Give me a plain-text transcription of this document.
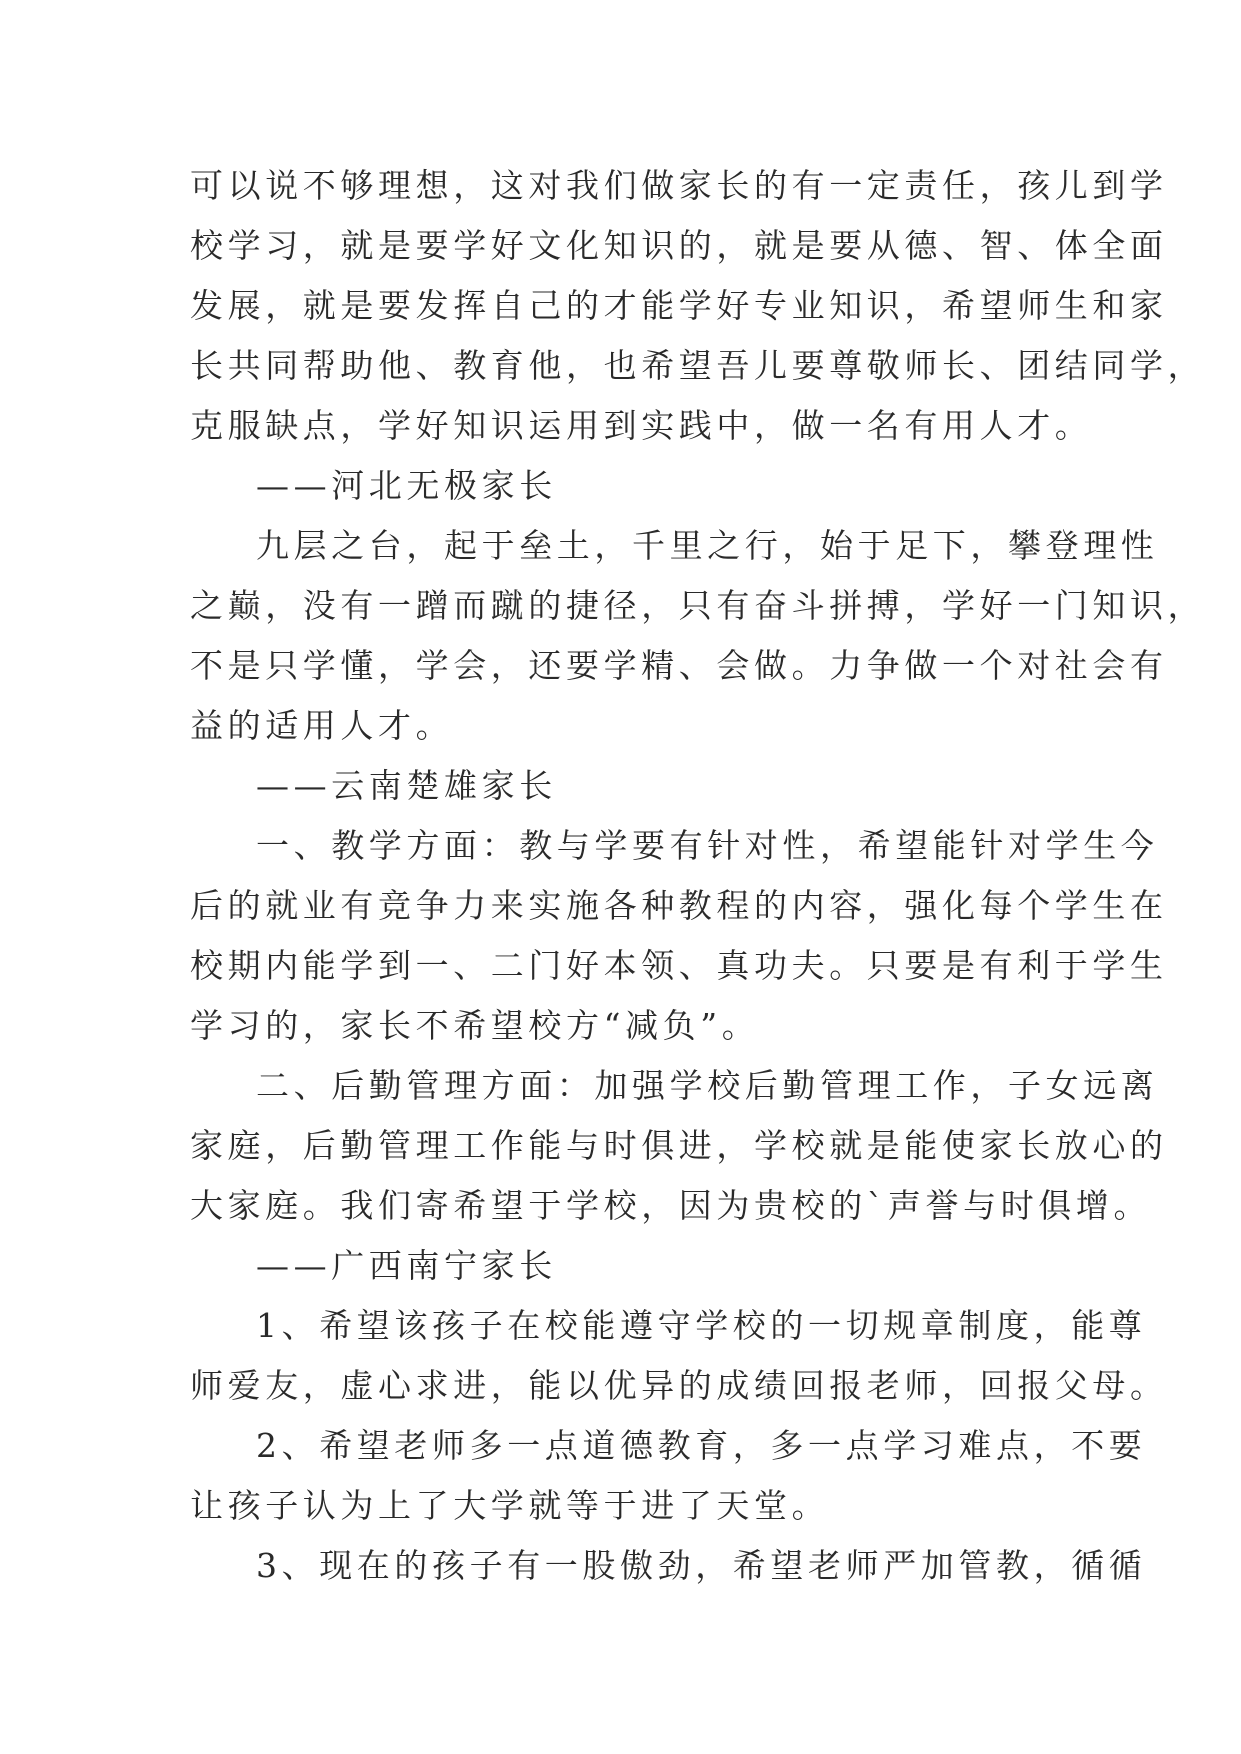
可以说不够理想，这对我们做家长的有一定责任，孩儿到学
校学习，就是要学好文化知识的，就是要从德、智、体全面
发展，就是要发挥自己的才能学好专业知识，希望师生和家
长共同帮助他、教育他，也希望吾儿要尊敬师长、团结同学，
克服缺点，学好知识运用到实践中，做一名有用人才。
——河北无极家长
九层之台，起于垒土，千里之行，始于足下，攀登理性
之巅，没有一蹭而蹴的捷径，只有奋斗拼搏，学好一门知识，
不是只学懂，学会，还要学精、会做。力争做一个对社会有
益的适用人才。
——云南楚雄家长
一、教学方面：教与学要有针对性，希望能针对学生今
后的就业有竞争力来实施各种教程的内容，强化每个学生在
校期内能学到一、二门好本领、真功夫。只要是有利于学生
学习的，家长不希望校方“减负”。
二、后勤管理方面：加强学校后勤管理工作，子女远离
家庭，后勤管理工作能与时俱进，学校就是能使家长放心的
大家庭。我们寄希望于学校，因为贵校的`声誉与时俱增。
——广西南宁家长
1、希望该孩子在校能遵守学校的一切规章制度，能尊
师爱友，虚心求进，能以优异的成绩回报老师，回报父母。
2、希望老师多一点道德教育，多一点学习难点，不要
让孩子认为上了大学就等于进了天堂。
3、现在的孩子有一股傲劲，希望老师严加管教，循循
